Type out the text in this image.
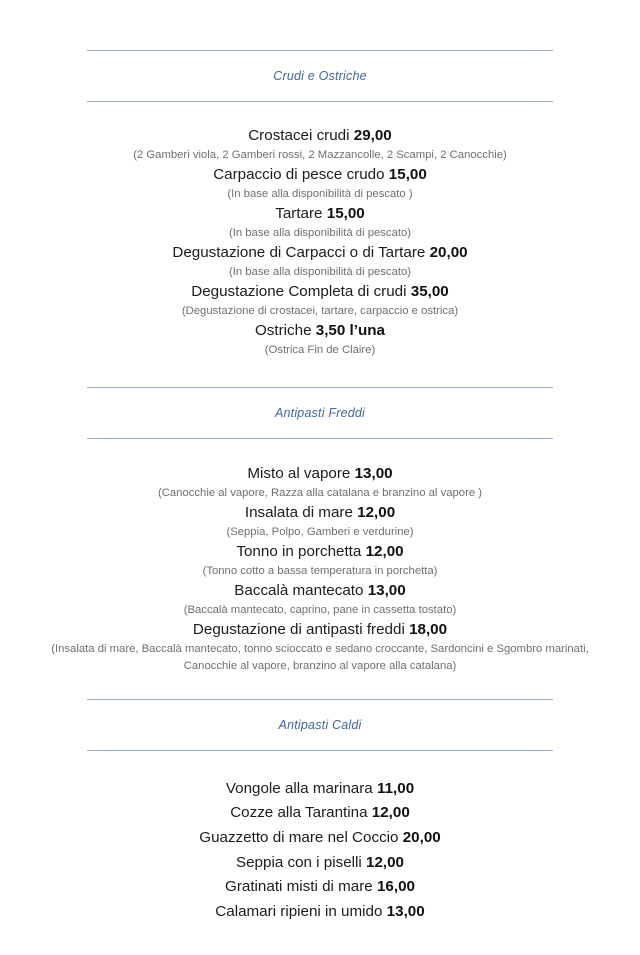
Crudi e Ostriche
Crostacei crudi 29,00
(2 Gamberi viola, 2 Gamberi rossi, 2 Mazzancolle, 2 Scampi, 2 Canocchie)
Carpaccio di pesce crudo 15,00
(In base alla disponibilità di pescato )
Tartare 15,00
(In base alla disponibilità di pescato)
Degustazione di Carpacci o di Tartare 20,00
(In base alla disponibilità di pescato)
Degustazione Completa di crudi 35,00
(Degustazione di crostacei, tartare, carpaccio e ostrica)
Ostriche 3,50 l’una
(Ostrica Fin de Claire)
Antipasti Freddi
Misto al vapore 13,00
(Canocchie al vapore, Razza alla catalana e branzino al vapore )
Insalata di mare 12,00
(Seppia, Polpo, Gamberi e verdurine)
Tonno in porchetta 12,00
(Tonno cotto a bassa temperatura in porchetta)
Baccalà mantecato 13,00
(Baccalà mantecato, caprino, pane in cassetta tostato)
Degustazione di antipasti freddi 18,00
(Insalata di mare, Baccalà mantecato, tonno scioccato e sedano croccante, Sardoncini e Sgombro marinati,
Canocchie al vapore, branzino al vapore alla catalana)
Antipasti Caldi
Vongole alla marinara 11,00
Cozze alla Tarantina 12,00
Guazzetto di mare nel Coccio 20,00
Seppia con i piselli 12,00
Gratinati misti di mare 16,00
Calamari ripieni in umido 13,00
